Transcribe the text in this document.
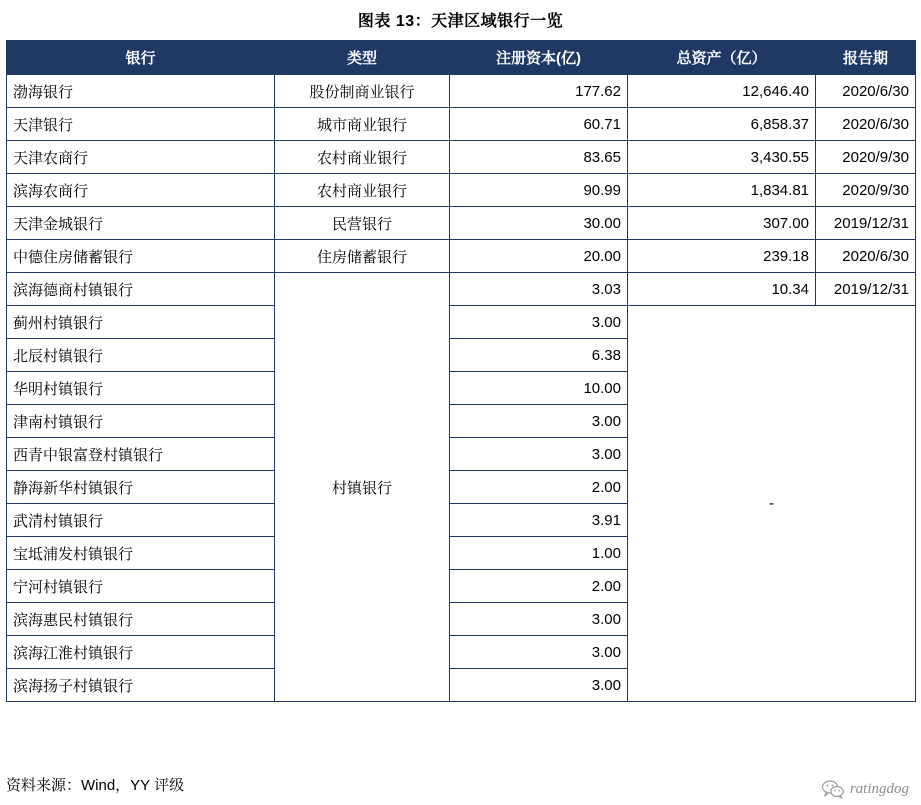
图表 13：天津区域银行一览
银行	类型	注册资本(亿)	总资产（亿）	报告期
渤海银行	股份制商业银行	177.62	12,646.40	2020/6/30
天津银行	城市商业银行	60.71	6,858.37	2020/6/30
天津农商行	农村商业银行	83.65	3,430.55	2020/9/30
滨海农商行	农村商业银行	90.99	1,834.81	2020/9/30
天津金城银行	民营银行	30.00	307.00	2019/12/31
中德住房储蓄银行	住房储蓄银行	20.00	239.18	2020/6/30
滨海德商村镇银行	村镇银行	3.03	10.34	2019/12/31
蓟州村镇银行		3.00	-	
北辰村镇银行		6.38		
华明村镇银行		10.00		
津南村镇银行		3.00		
西青中银富登村镇银行		3.00		
静海新华村镇银行		2.00		
武清村镇银行		3.91		
宝坻浦发村镇银行		1.00		
宁河村镇银行		2.00		
滨海惠民村镇银行		3.00		
滨海江淮村镇银行		3.00		
滨海扬子村镇银行		3.00		
资料来源：Wind，YY 评级	ratingdog
